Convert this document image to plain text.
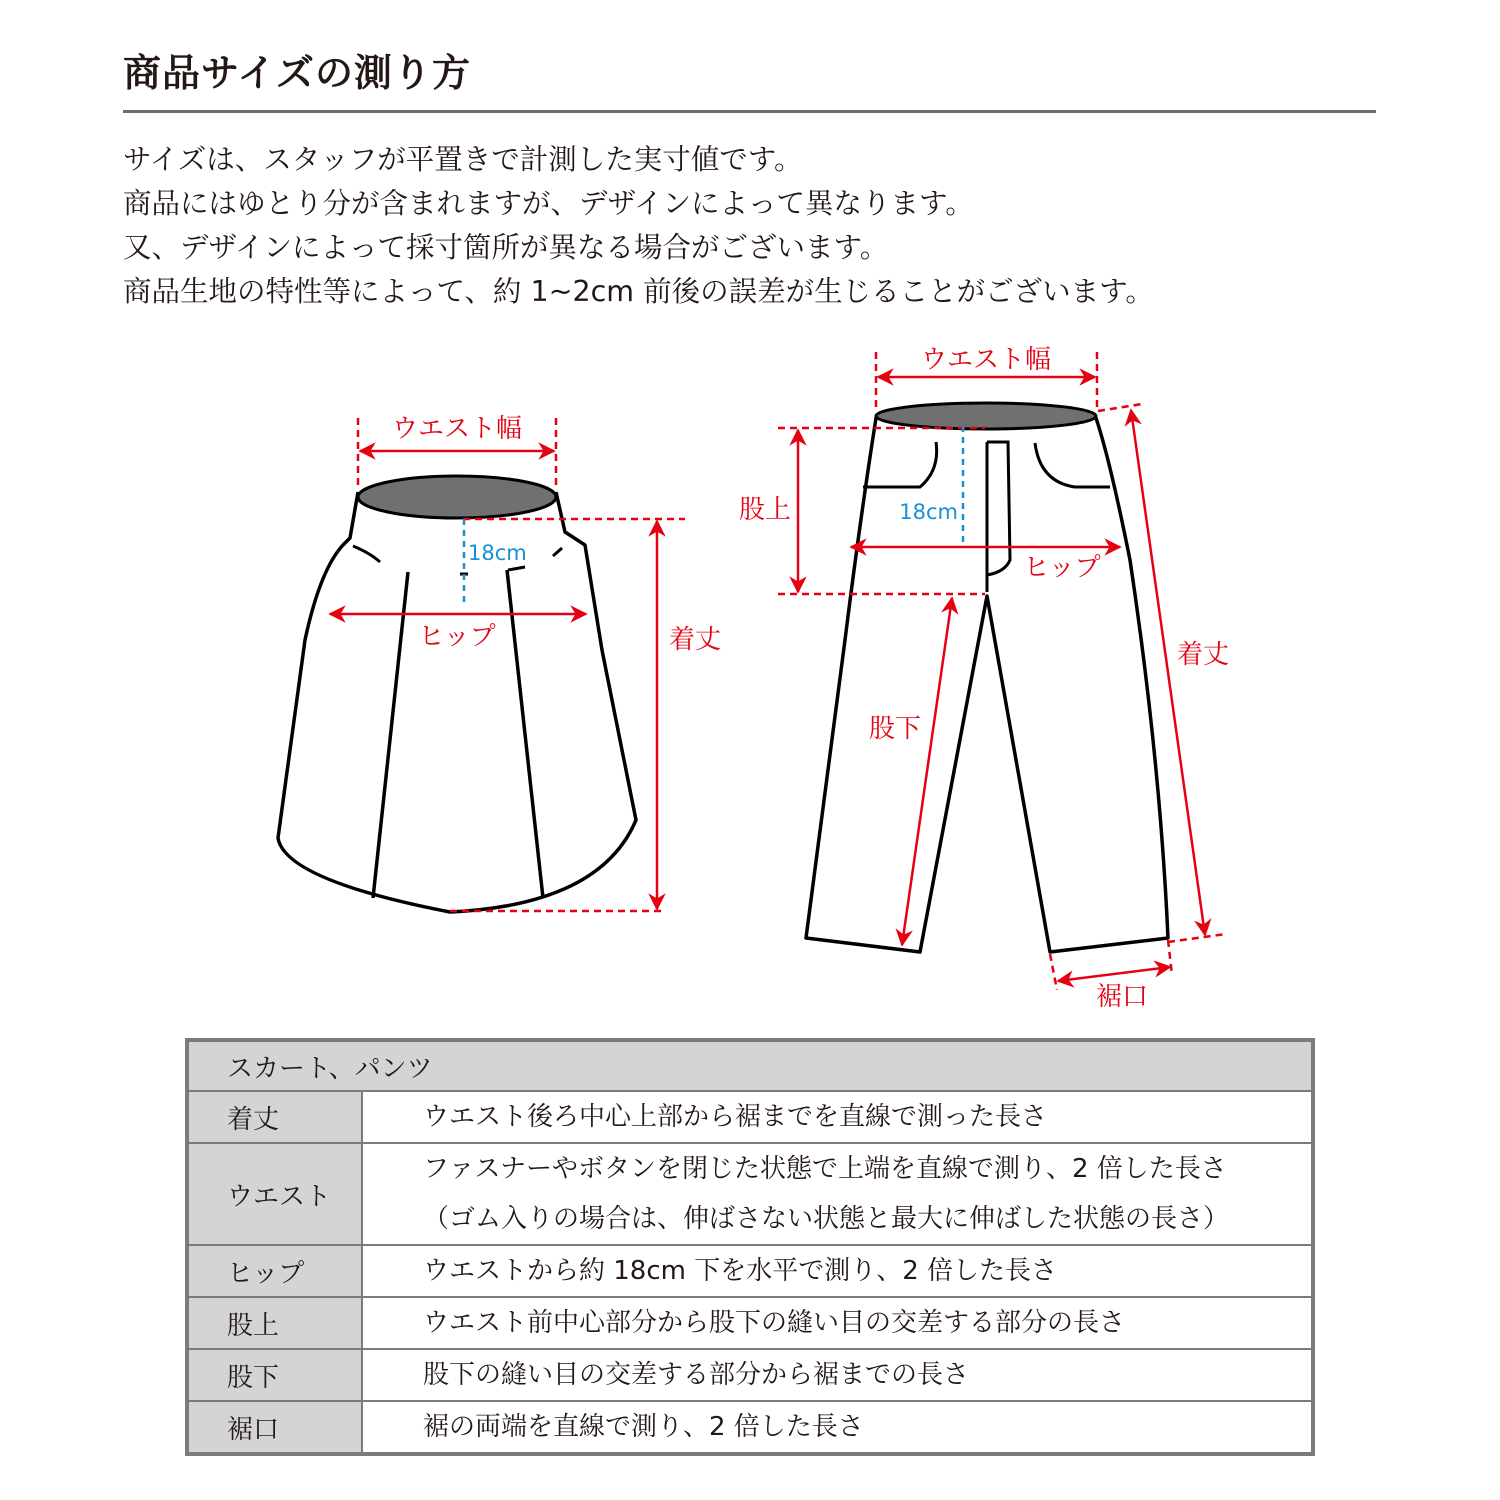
商品サイズの測り方
サイズは、スタッフが平置きで計測した実寸値です。
商品にはゆとり分が含まれますが、デザインによって異なります。
又、デザインによって採寸箇所が異なる場合がございます。
商品生地の特性等によって、約 1~2cm 前後の誤差が生じることがございます。
ウエスト幅
ヒップ	着丈
18cm
ウエスト幅
股上
ヒップ
18cm
着丈
股下
裾口
スカート、パンツ	
着丈	ウエスト後ろ中心上部から裾までを直線で測った長さ

ウエスト	ファスナーやボタンを閉じた状態で上端を直線で測り、2 倍した長さ
（ゴム入りの場合は、伸ばさない状態と最大に伸ばした状態の長さ）

ヒップ	ウエストから約 18cm 下を水平で測り、2 倍した長さ

股上	ウエスト前中心部分から股下の縫い目の交差する部分の長さ

股下	股下の縫い目の交差する部分から裾までの長さ

裾口	裾の両端を直線で測り、2 倍した長さ
